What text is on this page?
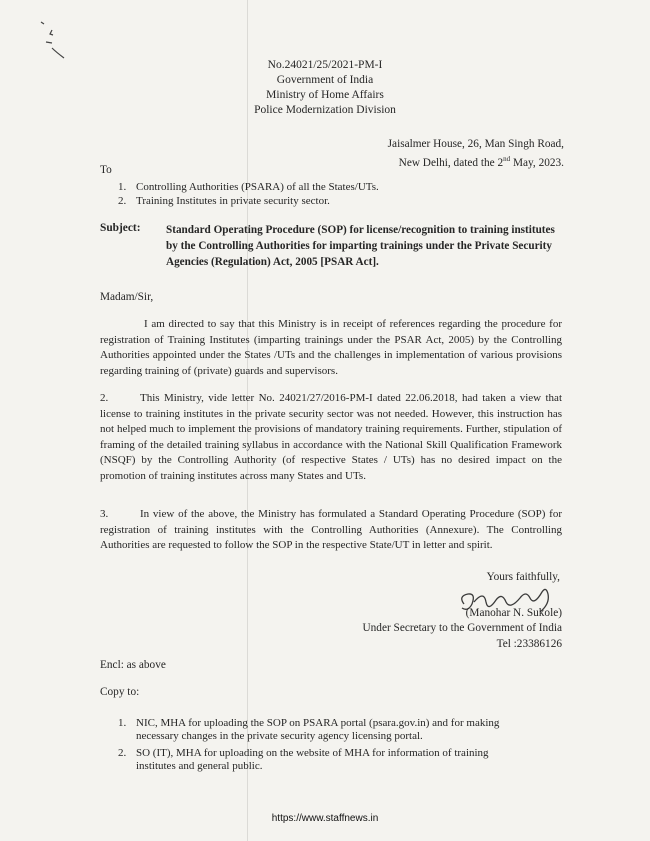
No.24021/25/2021-PM-I
Government of India
Ministry of Home Affairs
Police Modernization Division
Jaisalmer House, 26, Man Singh Road,
New Delhi, dated the 2nd May, 2023.
To
1. Controlling Authorities (PSARA) of all the States/UTs.
2. Training Institutes in private security sector.
Subject: Standard Operating Procedure (SOP) for license/recognition to training institutes by the Controlling Authorities for imparting trainings under the Private Security Agencies (Regulation) Act, 2005 [PSAR Act].
Madam/Sir,
I am directed to say that this Ministry is in receipt of references regarding the procedure for registration of Training Institutes (imparting trainings under the PSAR Act, 2005) by the Controlling Authorities appointed under the States /UTs and the challenges in implementation of various provisions regarding training of (private) guards and supervisors.
2.	This Ministry, vide letter No. 24021/27/2016-PM-I dated 22.06.2018, had taken a view that license to training institutes in the private security sector was not needed. However, this instruction has not helped much to implement the provisions of mandatory training requirements. Further, stipulation of framing of the detailed training syllabus in accordance with the National Skill Qualification Framework (NSQF) by the Controlling Authority (of respective States / UTs) has no desired impact on the promotion of training institutes across many States and UTs.
3.	In view of the above, the Ministry has formulated a Standard Operating Procedure (SOP) for registration of training institutes with the Controlling Authorities (Annexure). The Controlling Authorities are requested to follow the SOP in the respective State/UT in letter and spirit.
Yours faithfully,
(Manohar N. Sukole)
Under Secretary to the Government of India
Tel :23386126
Encl: as above
Copy to:
1. NIC, MHA for uploading the SOP on PSARA portal (psara.gov.in) and for making
necessary changes in the private security agency licensing portal.
2. SO (IT), MHA for uploading on the website of MHA for information of training
institutes and general public.
https://www.staffnews.in
